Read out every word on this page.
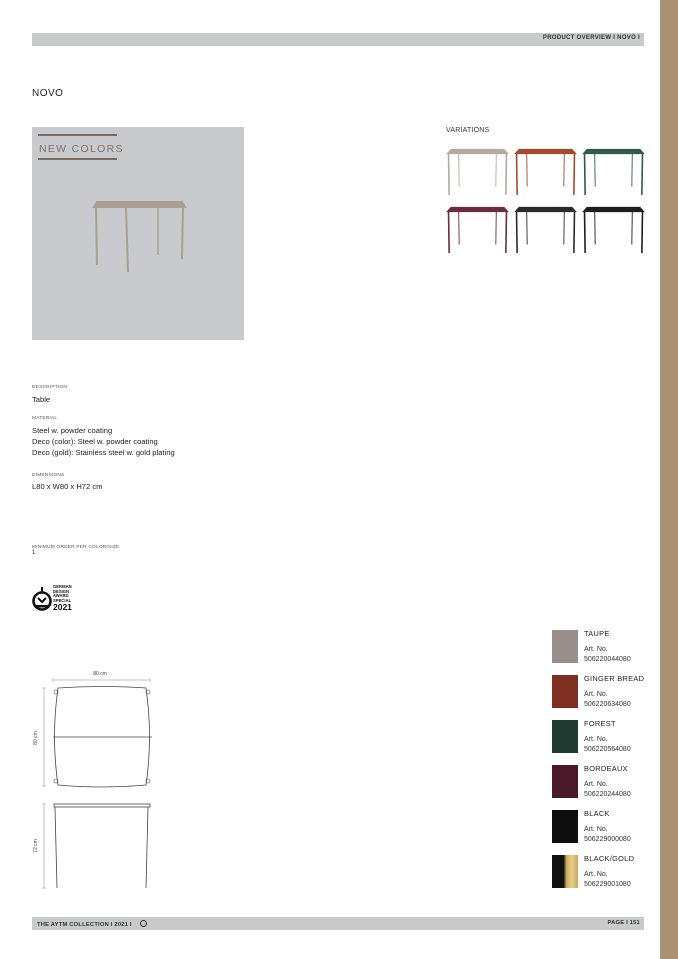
PRODUCT OVERVIEW I NOVO I
NOVO
NEW COLORS
VARIATIONS
DESCRIPTION
Table
MATERIAL
Steel w. powder coating
Deco (color): Steel w. powder coating
Deco (gold): Stainless steel w. gold plating
DIMENSIONS
L80 x W80 x H72 cm
MINIMUM ORDER PER COLOR/SIZE
1
GERMAN
DESIGN
AWARD
SPECIAL
2021
80 cm
80 cm
72 cm
TAUPE
Art. No.
506220044080
GINGER BREAD
Art. No.
506220634080
FOREST
Art. No.
506220564080
BORDEAUX
Art. No.
506220244080
BLACK
Art. No.
506229000080
BLACK/GOLD
Art. No.
506229001080
THE AYTM COLLECTION I 2021 I	PAGE I 151
